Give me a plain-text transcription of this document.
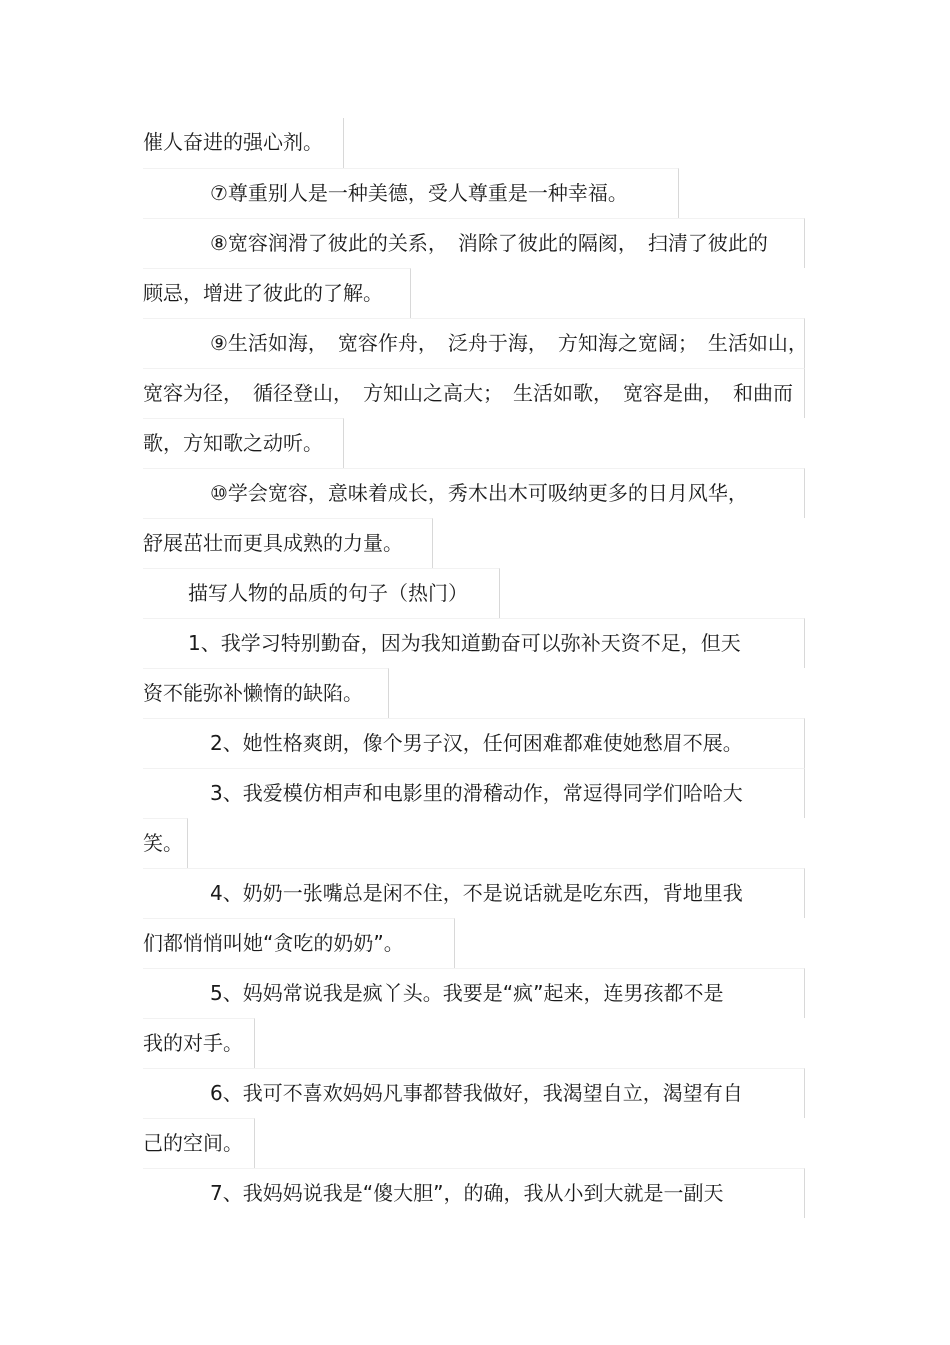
催人奋进的强心剂。
⑦尊重别人是一种美德，受人尊重是一种幸福。
⑧宽容润滑了彼此的关系，　消除了彼此的隔阂，　扫清了彼此的
顾忌，增进了彼此的了解。
⑨生活如海，　宽容作舟，　泛舟于海，　方知海之宽阔；　生活如山，
宽容为径，　循径登山，　方知山之高大；　生活如歌，　宽容是曲，　和曲而
歌，方知歌之动听。
⑩学会宽容，意味着成长，秀木出木可吸纳更多的日月风华，
舒展茁壮而更具成熟的力量。
描写人物的品质的句子（热门）
1、我学习特别勤奋，因为我知道勤奋可以弥补天资不足，但天
资不能弥补懒惰的缺陷。
2、她性格爽朗，像个男子汉，任何困难都难使她愁眉不展。
3、我爱模仿相声和电影里的滑稽动作，常逗得同学们哈哈大
笑。
4、奶奶一张嘴总是闲不住，不是说话就是吃东西，背地里我
们都悄悄叫她“贪吃的奶奶”。
5、妈妈常说我是疯丫头。我要是“疯”起来，连男孩都不是
我的对手。
6、我可不喜欢妈妈凡事都替我做好，我渴望自立，渴望有自
己的空间。
7、我妈妈说我是“傻大胆”，的确，我从小到大就是一副天
